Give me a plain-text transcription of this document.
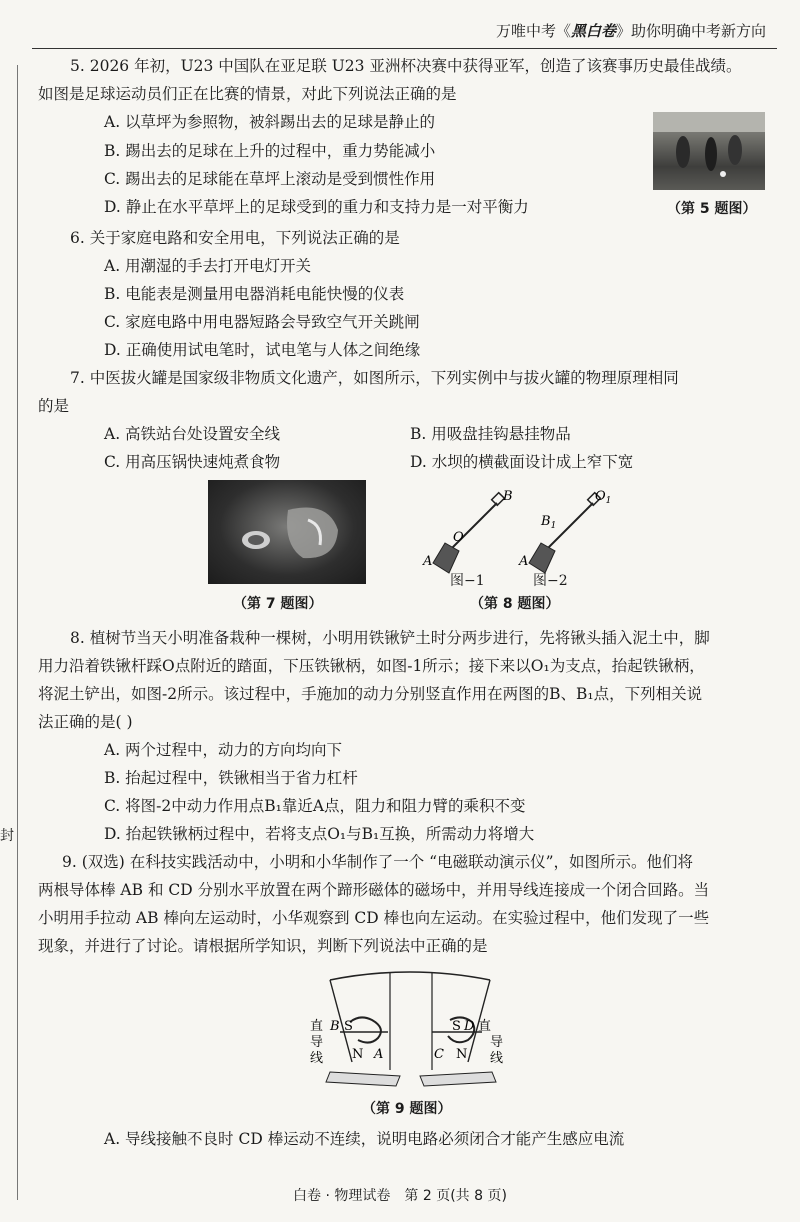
封
万唯中考《黑白卷》助你明确中考新方向
5. 2026 年初，U23 中国队在亚足联 U23 亚洲杯决赛中获得亚军，创造了该赛事历史最佳战绩。
如图是足球运动员们正在比赛的情景，对此下列说法正确的是
A. 以草坪为参照物，被斜踢出去的足球是静止的
B. 踢出去的足球在上升的过程中，重力势能减小
C. 踢出去的足球能在草坪上滚动是受到惯性作用
D. 静止在水平草坪上的足球受到的重力和支持力是一对平衡力	（第 5 题图）
6. 关于家庭电路和安全用电，下列说法正确的是
A. 用潮湿的手去打开电灯开关
B. 电能表是测量用电器消耗电能快慢的仪表
C. 家庭电路中用电器短路会导致空气开关跳闸
D. 正确使用试电笔时，试电笔与人体之间绝缘
7. 中医拔火罐是国家级非物质文化遗产，如图所示，下列实例中与拔火罐的物理原理相同
的是
A. 高铁站台处设置安全线	B. 用吸盘挂钩悬挂物品
C. 用高压锅快速炖煮食物	D. 水坝的横截面设计成上窄下宽
（第 7 题图）
B
O
A
$B_1$
$O_1$
A
图−1	图−2
（第 8 题图）
8. 植树节当天小明准备栽种一棵树，小明用铁锹铲土时分两步进行，先将锹头插入泥土中，脚
用力沿着铁锹杆踩O点附近的踏面，下压铁锹柄，如图-1所示；接下来以O₁为支点，抬起铁锹柄，
将泥土铲出，如图-2所示。该过程中，手施加的动力分别竖直作用在两图的B、B₁点，下列相关说
法正确的是( )
A. 两个过程中，动力的方向均向下
B. 抬起过程中，铁锹相当于省力杠杆
C. 将图-2中动力作用点B₁靠近A点，阻力和阻力臂的乘积不变
D. 抬起铁锹柄过程中，若将支点O₁与B₁互换，所需动力将增大
9. (双选) 在科技实践活动中，小明和小华制作了一个 “电磁联动演示仪”，如图所示。他们将
两根导体棒 AB 和 CD 分别水平放置在两个蹄形磁体的磁场中，并用导线连接成一个闭合回路。当
小明用手拉动 AB 棒向左运动时，小华观察到 CD 棒也向左运动。在实验过程中，他们发现了一些
现象，并进行了讨论。请根据所学知识，判断下列说法中正确的是
直
导
线
B S
N A
S D
C N
直
导
线
（第 9 题图）
A. 导线接触不良时 CD 棒运动不连续，说明电路必须闭合才能产生感应电流
白卷 · 物理试卷　第 2 页(共 8 页)
